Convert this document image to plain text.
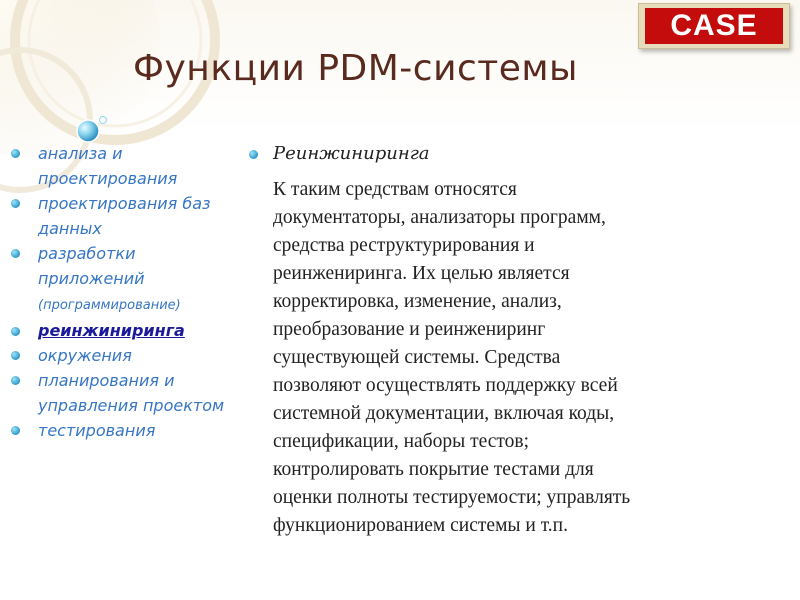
CASE
Функции PDM-системы
анализа и проектирования
проектирования баз данных
разработки приложений
(программирование)
реинжиниринга
окружения
планирования и управления проектом
тестирования
Реинжиниринга
К таким средствам относятся
документаторы, анализаторы программ,
средства реструктурирования и
реинжениринга. Их целью является
корректировка, изменение, анализ,
преобразование и реинжениринг
существующей системы. Средства
позволяют осуществлять поддержку всей
системной документации, включая коды,
спецификации, наборы тестов;
контролировать покрытие тестами для
оценки полноты тестируемости; управлять
функционированием системы и т.п.
